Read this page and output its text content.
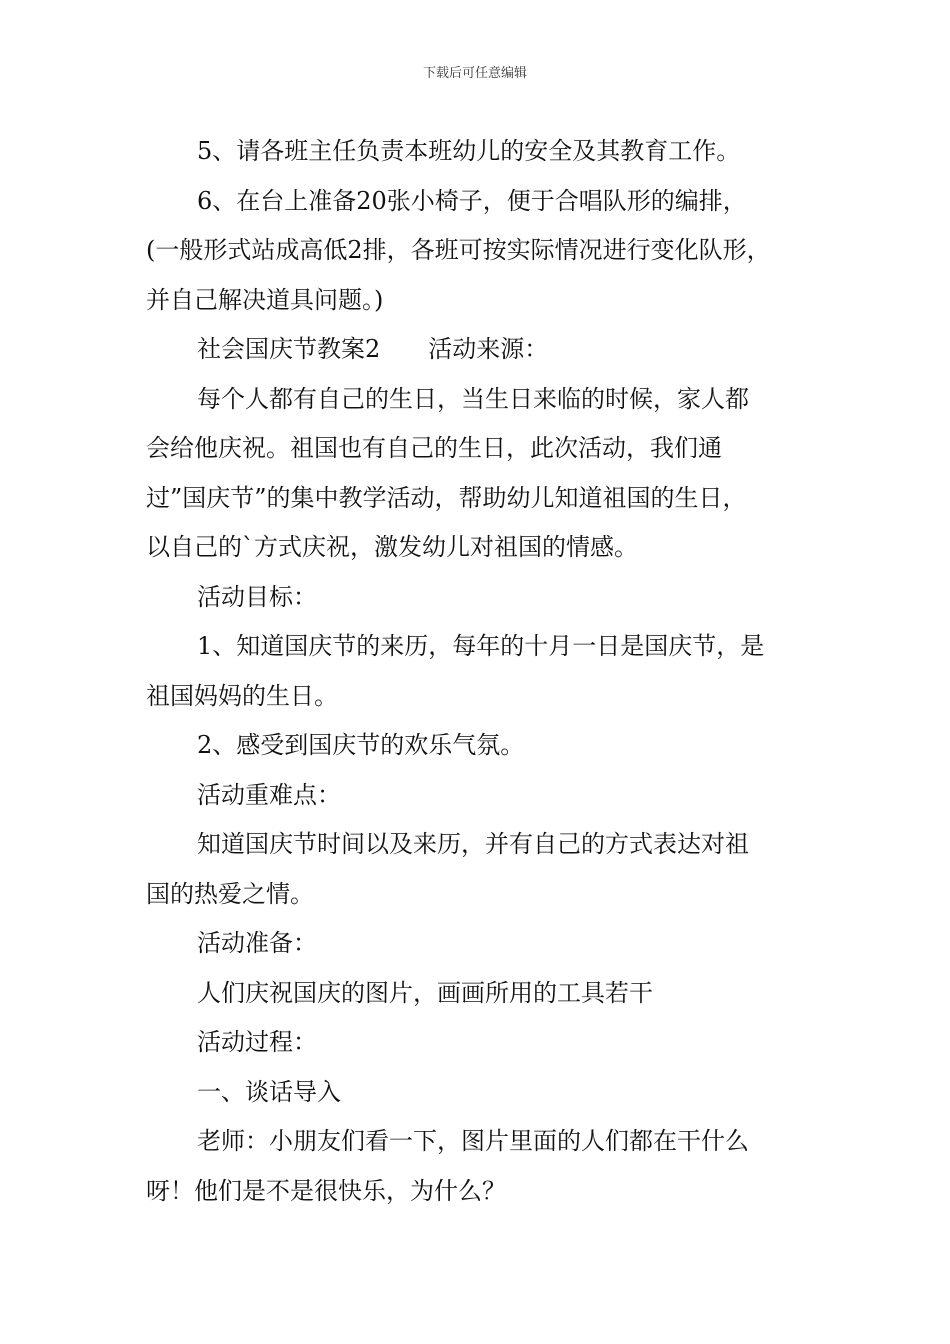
下载后可任意编辑

5、请各班主任负责本班幼儿的安全及其教育工作。

6、在台上准备20张小椅子，便于合唱队形的编排，

(一般形式站成高低2排，各班可按实际情况进行变化队形，

并自己解决道具问题。)

社会国庆节教案2 活动来源：

每个人都有自己的生日，当生日来临的时候，家人都

会给他庆祝。祖国也有自己的生日，此次活动，我们通

过”国庆节”的集中教学活动，帮助幼儿知道祖国的生日，

以自己的`方式庆祝，激发幼儿对祖国的情感。

活动目标：

1、知道国庆节的来历，每年的十月一日是国庆节，是

祖国妈妈的生日。

2、感受到国庆节的欢乐气氛。

活动重难点：

知道国庆节时间以及来历，并有自己的方式表达对祖

国的热爱之情。

活动准备：

人们庆祝国庆的图片，画画所用的工具若干

活动过程：

一、谈话导入

老师：小朋友们看一下，图片里面的人们都在干什么

呀！他们是不是很快乐，为什么？
